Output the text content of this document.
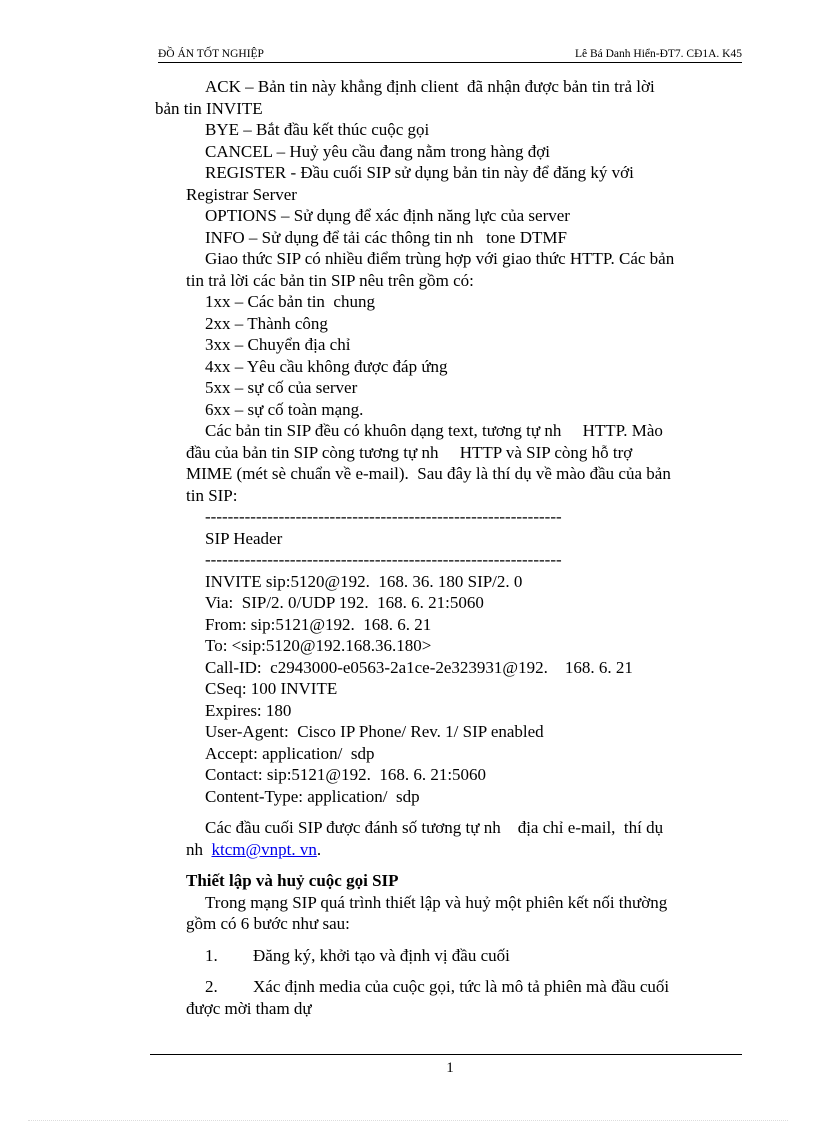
ĐỒ ÁN TỐT NGHIỆP	Lê Bá Danh Hiển-ĐT7. CĐ1A. K45
ACK – Bản tin này khẳng định client  đã nhận được bản tin trả lời
bản tin INVITE
BYE – Bắt đầu kết thúc cuộc gọi
CANCEL – Huỷ yêu cầu đang nằm trong hàng đợi
REGISTER - Đầu cuối SIP sử dụng bản tin này để đăng ký với
Registrar Server
OPTIONS – Sử dụng để xác định năng lực của server
INFO – Sử dụng để tải các thông tin nh   tone DTMF
Giao thức SIP có nhiều điểm trùng hợp với giao thức HTTP. Các bản
tin trả lời các bản tin SIP nêu trên gồm có:
1xx – Các bản tin  chung
2xx – Thành công
3xx – Chuyển địa chỉ
4xx – Yêu cầu không được đáp ứng
5xx – sự cố của server
6xx – sự cố toàn mạng.
Các bản tin SIP đều có khuôn dạng text, tương tự nh     HTTP. Mào
đầu của bản tin SIP còng tương tự nh     HTTP và SIP còng hỗ trợ
MIME (mét sè chuẩn về e-mail).  Sau đây là thí dụ về mào đầu của bản
tin SIP:
---------------------------------------------------------------
SIP Header
---------------------------------------------------------------
INVITE sip:5120@192.  168. 36. 180 SIP/2. 0
Via:  SIP/2. 0/UDP 192.  168. 6. 21:5060
From: sip:5121@192.  168. 6. 21
To: <sip:5120@192.168.36.180>
Call-ID:  c2943000-e0563-2a1ce-2e323931@192.    168. 6. 21
CSeq: 100 INVITE
Expires: 180
User-Agent:  Cisco IP Phone/ Rev. 1/ SIP enabled
Accept: application/  sdp
Contact: sip:5121@192.  168. 6. 21:5060
Content-Type: application/  sdp
Các đầu cuối SIP được đánh số tương tự nh    địa chỉ e-mail,  thí dụ
nh ktcm@vnpt. vn.
Thiết lập và huỷ cuộc gọi SIP
Trong mạng SIP quá trình thiết lập và huỷ một phiên kết nối thường
gồm có 6 bước như sau:
1. Đăng ký, khởi tạo và định vị đầu cuối
2. Xác định media của cuộc gọi, tức là mô tả phiên mà đầu cuối
được mời tham dự
1
